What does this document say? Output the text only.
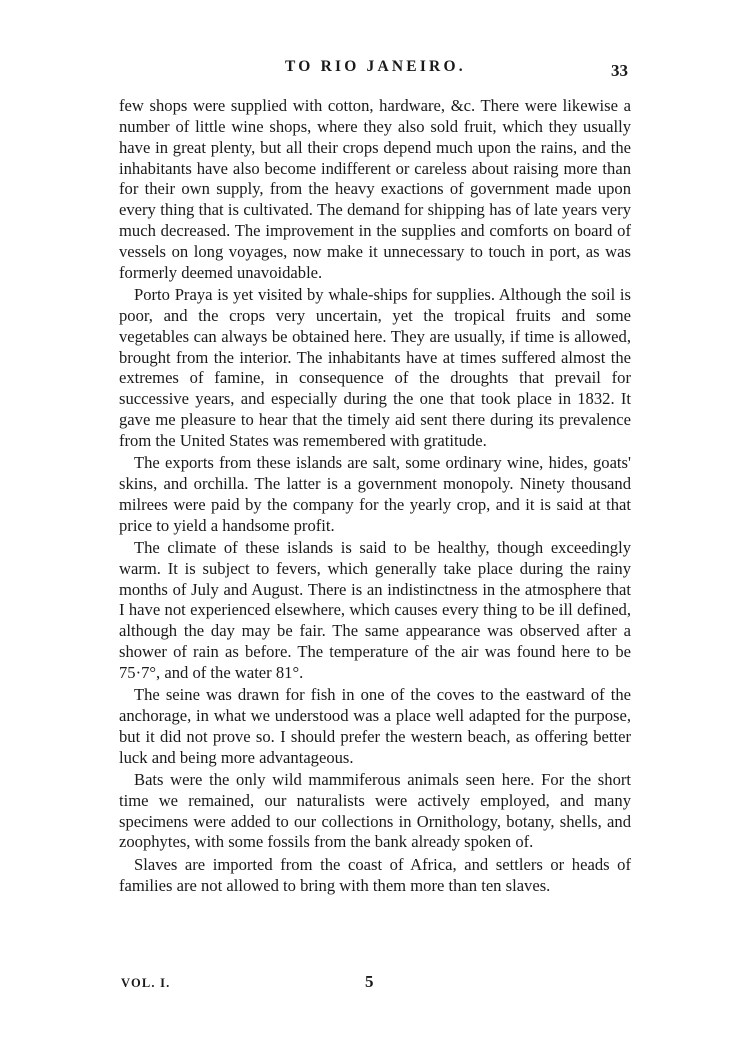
TO RIO JANEIRO.	33

few shops were supplied with cotton, hardware, &c. There were likewise a number of little wine shops, where they also sold fruit, which they usually have in great plenty, but all their crops depend much upon the rains, and the inhabitants have also become indifferent or careless about raising more than for their own supply, from the heavy exactions of government made upon every thing that is cultivated. The demand for shipping has of late years very much decreased. The improvement in the supplies and comforts on board of vessels on long voyages, now make it unnecessary to touch in port, as was formerly deemed unavoidable.

Porto Praya is yet visited by whale-ships for supplies. Although the soil is poor, and the crops very uncertain, yet the tropical fruits and some vegetables can always be obtained here. They are usually, if time is allowed, brought from the interior. The inhabitants have at times suffered almost the extremes of famine, in consequence of the droughts that prevail for successive years, and especially during the one that took place in 1832. It gave me pleasure to hear that the timely aid sent there during its prevalence from the United States was remembered with gratitude.

The exports from these islands are salt, some ordinary wine, hides, goats' skins, and orchilla. The latter is a government monopoly. Ninety thousand milrees were paid by the company for the yearly crop, and it is said at that price to yield a handsome profit.

The climate of these islands is said to be healthy, though exceedingly warm. It is subject to fevers, which generally take place during the rainy months of July and August. There is an indistinctness in the atmosphere that I have not experienced elsewhere, which causes every thing to be ill defined, although the day may be fair. The same appearance was observed after a shower of rain as before. The temperature of the air was found here to be 75·7°, and of the water 81°.

The seine was drawn for fish in one of the coves to the eastward of the anchorage, in what we understood was a place well adapted for the purpose, but it did not prove so. I should prefer the western beach, as offering better luck and being more advantageous.

Bats were the only wild mammiferous animals seen here. For the short time we remained, our naturalists were actively employed, and many specimens were added to our collections in Ornithology, botany, shells, and zoophytes, with some fossils from the bank already spoken of.

Slaves are imported from the coast of Africa, and settlers or heads of families are not allowed to bring with them more than ten slaves.

VOL. I.	5
